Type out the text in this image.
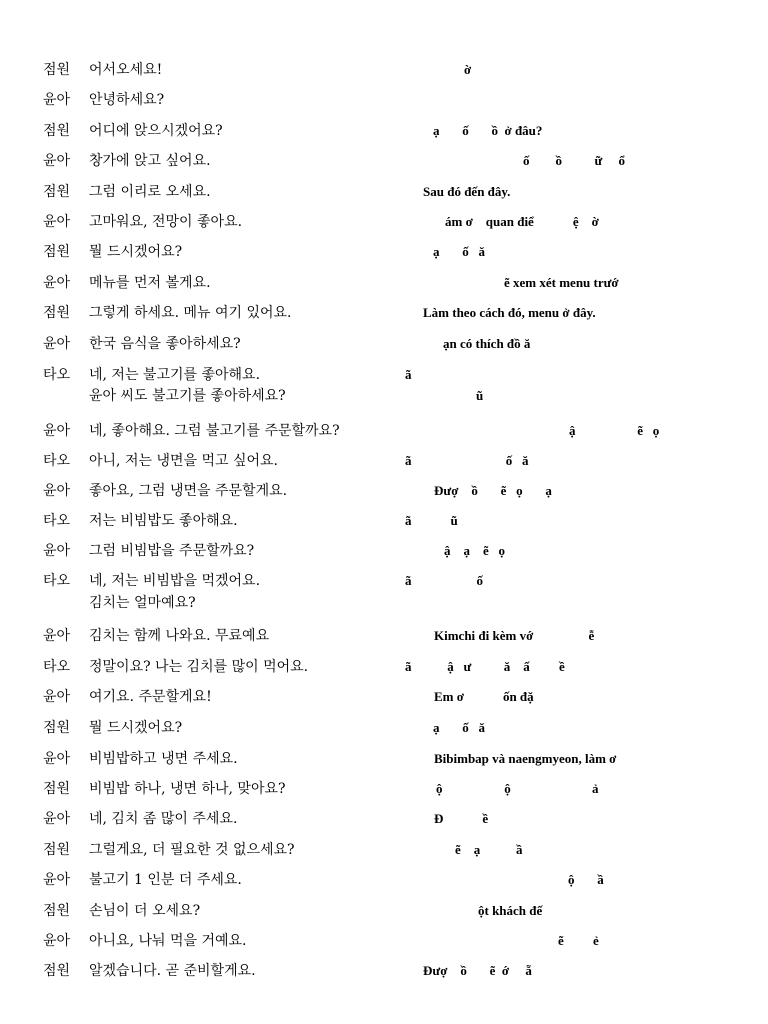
점원 어서오세요!	ờ
윤아 안녕하세요?
점원 어디에 앉으시겠어요?	ạ       ố       ồ  ở đâu?
윤아 창가에 앉고 싶어요.	ố        ồ          ữ     ổ
점원 그럼 이리로 오세요.	Sau đó đến đây.
윤아 고마워요, 전망이 좋아요.	ám ơ    quan điể            ệ    ờ
점원 뭘 드시겠어요?	ạ       ố   ă
윤아 메뉴를 먼저 볼게요.	ẽ xem xét menu trướ
점원 그렇게 하세요. 메뉴 여기 있어요.	Làm theo cách đó, menu ở đây.
윤아 한국 음식을 좋아하세요?	ạn có thích đồ ă
타오 네, 저는 불고기를 좋아해요.	ã
윤아 씨도 불고기를 좋아하세요?	ũ
윤아 네, 좋아해요. 그럼 불고기를 주문할까요?	ậ                   ẽ   ọ
타오 아니, 저는 냉면을 먹고 싶어요.	ã                             ố   ă
윤아 좋아요, 그럼 냉면을 주문할게요.	Đượ    ồ       ẽ   ọ       ạ
타오 저는 비빔밥도 좋아해요.	ã            ũ
윤아 그럼 비빔밥을 주문할까요?	ậ    ạ    ẽ   ọ
타오 네, 저는 비빔밥을 먹겠어요.	ã                    ố
김치는 얼마예요?
윤아 김치는 함께 나와요. 무료예요	Kimchi đi kèm vớ                 ễ
타오 정말이요? 나는 김치를 많이 먹어요.	ã           ậ   ư          ă    ấ         ề
윤아 여기요. 주문할게요!	Em ơ            ốn đặ
점원 뭘 드시겠어요?	ạ       ố   ă
윤아 비빔밥하고 냉면 주세요.	Bibimbap và naengmyeon, làm ơ
점원 비빔밥 하나, 냉면 하나, 맞아요?	ộ                   ộ                         ả
윤아 네, 김치 좀 많이 주세요.	Đ            ề
점원 그럴게요, 더 필요한 것 없으세요?	ẽ    ạ           ầ
윤아 불고기 1 인분 더 주세요.	ộ       ầ
점원 손님이 더 오세요?	ột khách đế
윤아 아니요, 나눠 먹을 거예요.	ẽ         ẻ
점원 알겠습니다. 곧 준비할게요.	Đượ    ồ       ẽ  ớ     ẵ
